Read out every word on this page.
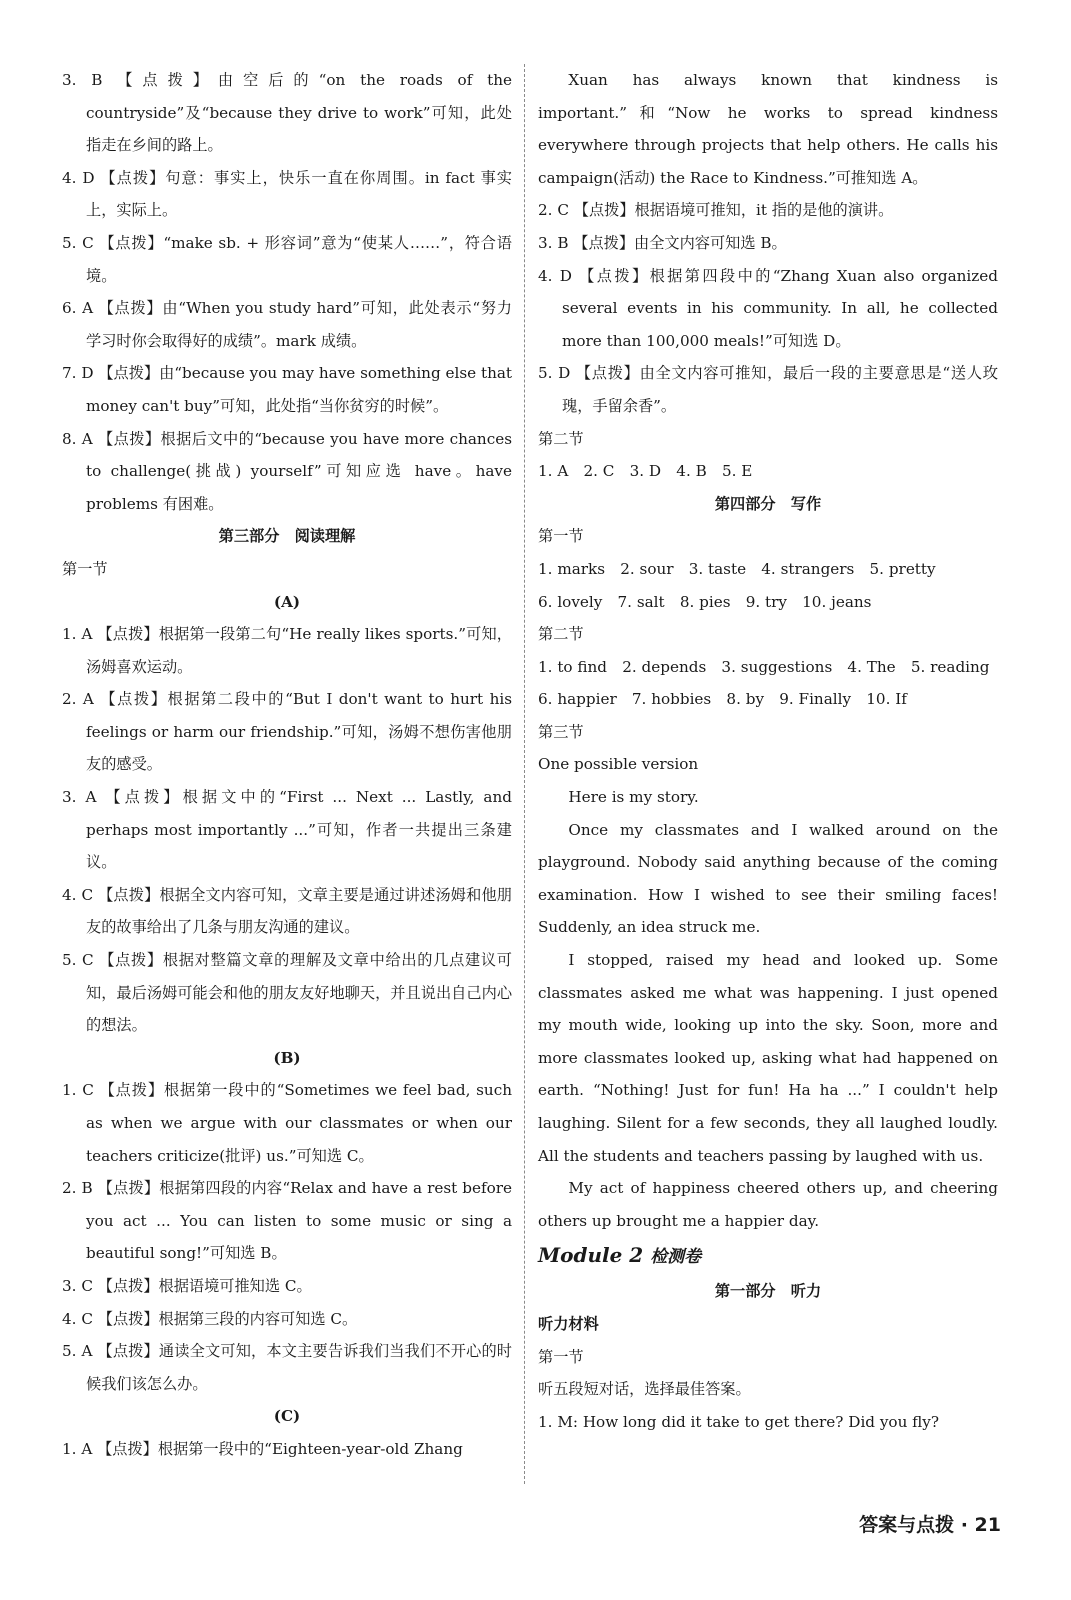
3. B 【点拨】由空后的“on the roads of the countryside”及“because they drive to work”可知，此处指走在乡间的路上。

4. D 【点拨】句意：事实上，快乐一直在你周围。in fact 事实上，实际上。

5. C 【点拨】“make sb. + 形容词”意为“使某人……”，符合语境。

6. A 【点拨】由“When you study hard”可知，此处表示“努力学习时你会取得好的成绩”。mark 成绩。

7. D 【点拨】由“because you may have something else that money can't buy”可知，此处指“当你贫穷的时候”。

8. A 【点拨】根据后文中的“because you have more chances to challenge(挑战) yourself”可知应选 have。have problems 有困难。

第三部分　阅读理解

第一节

(A)

1. A 【点拨】根据第一段第二句“He really likes sports.”可知，汤姆喜欢运动。

2. A 【点拨】根据第二段中的“But I don't want to hurt his feelings or harm our friendship.”可知，汤姆不想伤害他朋友的感受。

3. A 【点拨】根据文中的“First ... Next ... Lastly, and perhaps most importantly ...”可知，作者一共提出三条建议。

4. C 【点拨】根据全文内容可知，文章主要是通过讲述汤姆和他朋友的故事给出了几条与朋友沟通的建议。

5. C 【点拨】根据对整篇文章的理解及文章中给出的几点建议可知，最后汤姆可能会和他的朋友友好地聊天，并且说出自己内心的想法。

(B)

1. C 【点拨】根据第一段中的“Sometimes we feel bad, such as when we argue with our classmates or when our teachers criticize(批评) us.”可知选 C。

2. B 【点拨】根据第四段的内容“Relax and have a rest before you act ... You can listen to some music or sing a beautiful song!”可知选 B。

3. C 【点拨】根据语境可推知选 C。

4. C 【点拨】根据第三段的内容可知选 C。

5. A 【点拨】通读全文可知，本文主要告诉我们当我们不开心的时候我们该怎么办。

(C)

1. A 【点拨】根据第一段中的“Eighteen-year-old Zhang

Xuan has always known that kindness is important.”和“Now he works to spread kindness everywhere through projects that help others. He calls his campaign(活动) the Race to Kindness.”可推知选 A。

2. C 【点拨】根据语境可推知，it 指的是他的演讲。

3. B 【点拨】由全文内容可知选 B。

4. D 【点拨】根据第四段中的“Zhang Xuan also organized several events in his community. In all, he collected more than 100,000 meals!”可知选 D。

5. D 【点拨】由全文内容可推知，最后一段的主要意思是“送人玫瑰，手留余香”。

第二节

1. A　2. C　3. D　4. B　5. E

第四部分　写作

第一节

1. marks　2. sour　3. taste　4. strangers　5. pretty

6. lovely　7. salt　8. pies　9. try　10. jeans

第二节

1. to find　2. depends　3. suggestions　4. The　5. reading

6. happier　7. hobbies　8. by　9. Finally　10. If

第三节

One possible version

Here is my story.

Once my classmates and I walked around on the playground. Nobody said anything because of the coming examination. How I wished to see their smiling faces! Suddenly, an idea struck me.

I stopped, raised my head and looked up. Some classmates asked me what was happening. I just opened my mouth wide, looking up into the sky. Soon, more and more classmates looked up, asking what had happened on earth. “Nothing! Just for fun! Ha ha ...” I couldn't help laughing. Silent for a few seconds, they all laughed loudly. All the students and teachers passing by laughed with us.

My act of happiness cheered others up, and cheering others up brought me a happier day.

Module 2 检测卷

第一部分　听力

听力材料

第一节

听五段短对话，选择最佳答案。

1. M: How long did it take to get there? Did you fly?

答案与点拨 · 21
